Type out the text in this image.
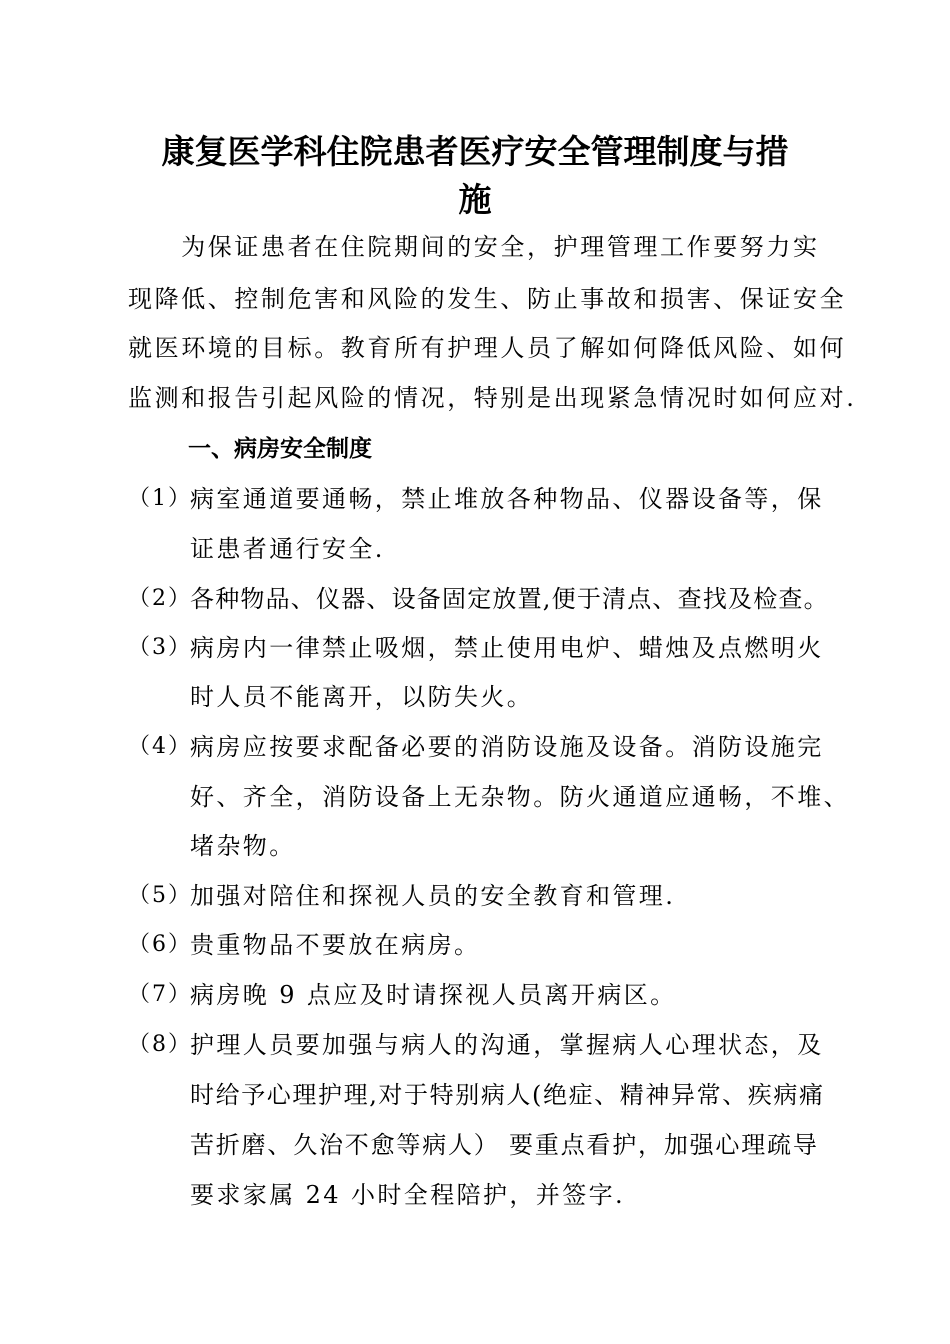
康复医学科住院患者医疗安全管理制度与措
施
　　为保证患者在住院期间的安全，护理管理工作要努力实
现降低、控制危害和风险的发生、防止事故和损害、保证安全
就医环境的目标。教育所有护理人员了解如何降低风险、如何
监测和报告引起风险的情况，特别是出现紧急情况时如何应对.
一、病房安全制度
（1）
病室通道要通畅，禁止堆放各种物品、仪器设备等，保
证患者通行安全.
（2）
各种物品、仪器、设备固定放置,便于清点、查找及检查。
（3）
病房内一律禁止吸烟，禁止使用电炉、蜡烛及点燃明火
时人员不能离开，以防失火。
（4）
病房应按要求配备必要的消防设施及设备。消防设施完
好、齐全，消防设备上无杂物。防火通道应通畅，不堆、
堵杂物。
（5）
加强对陪住和探视人员的安全教育和管理.
（6）
贵重物品不要放在病房。
（7）
病房晚 9 点应及时请探视人员离开病区。
（8）
护理人员要加强与病人的沟通，掌握病人心理状态，及
时给予心理护理,对于特别病人(绝症、精神异常、疾病痛
苦折磨、久治不愈等病人） 要重点看护，加强心理疏导
要求家属 24 小时全程陪护，并签字.
